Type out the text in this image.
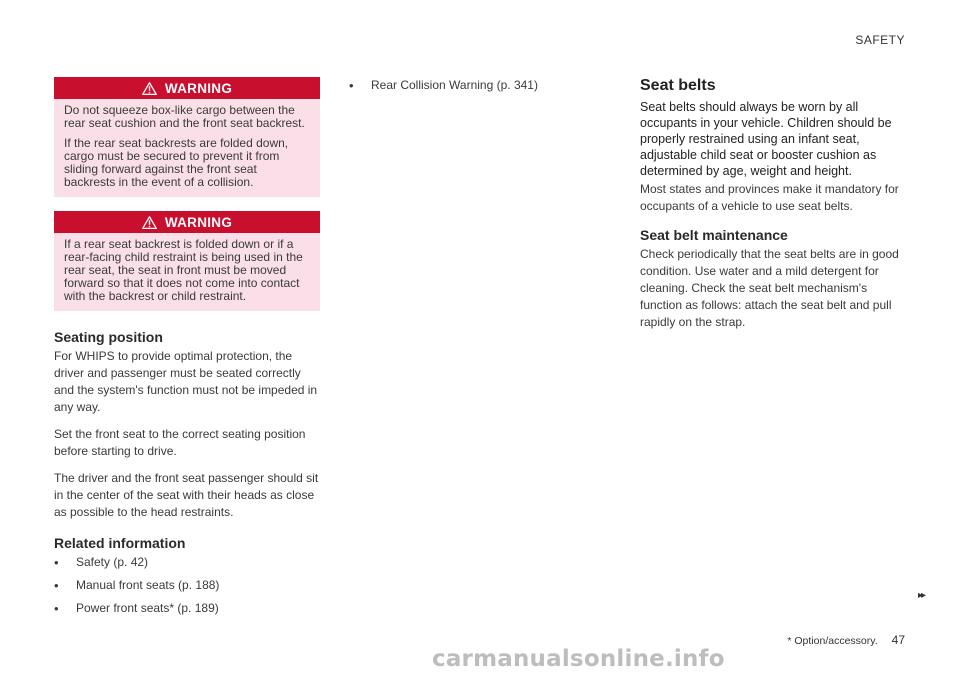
SAFETY
WARNING

Do not squeeze box-like cargo between the rear seat cushion and the front seat backrest.

If the rear seat backrests are folded down, cargo must be secured to prevent it from sliding forward against the front seat backrests in the event of a collision.

WARNING

If a rear seat backrest is folded down or if a rear-facing child restraint is being used in the rear seat, the seat in front must be moved forward so that it does not come into contact with the backrest or child restraint.

Seating position

For WHIPS to provide optimal protection, the driver and passenger must be seated correctly and the system's function must not be impeded in any way.

Set the front seat to the correct seating position before starting to drive.

The driver and the front seat passenger should sit in the center of the seat with their heads as close as possible to the head restraints.

Related information
•	Safety (p. 42)
•	Manual front seats (p. 188)
•	Power front seats* (p. 189)
•	Rear Collision Warning (p. 341)	Seat belts

Seat belts should always be worn by all occupants in your vehicle. Children should be properly restrained using an infant seat, adjustable child seat or booster cushion as determined by age, weight and height.

Most states and provinces make it mandatory for occupants of a vehicle to use seat belts.

Seat belt maintenance

Check periodically that the seat belts are in good condition. Use water and a mild detergent for cleaning. Check the seat belt mechanism's function as follows: attach the seat belt and pull rapidly on the strap.

▸▸
* Option/accessory. 47
carmanualsonline.info
